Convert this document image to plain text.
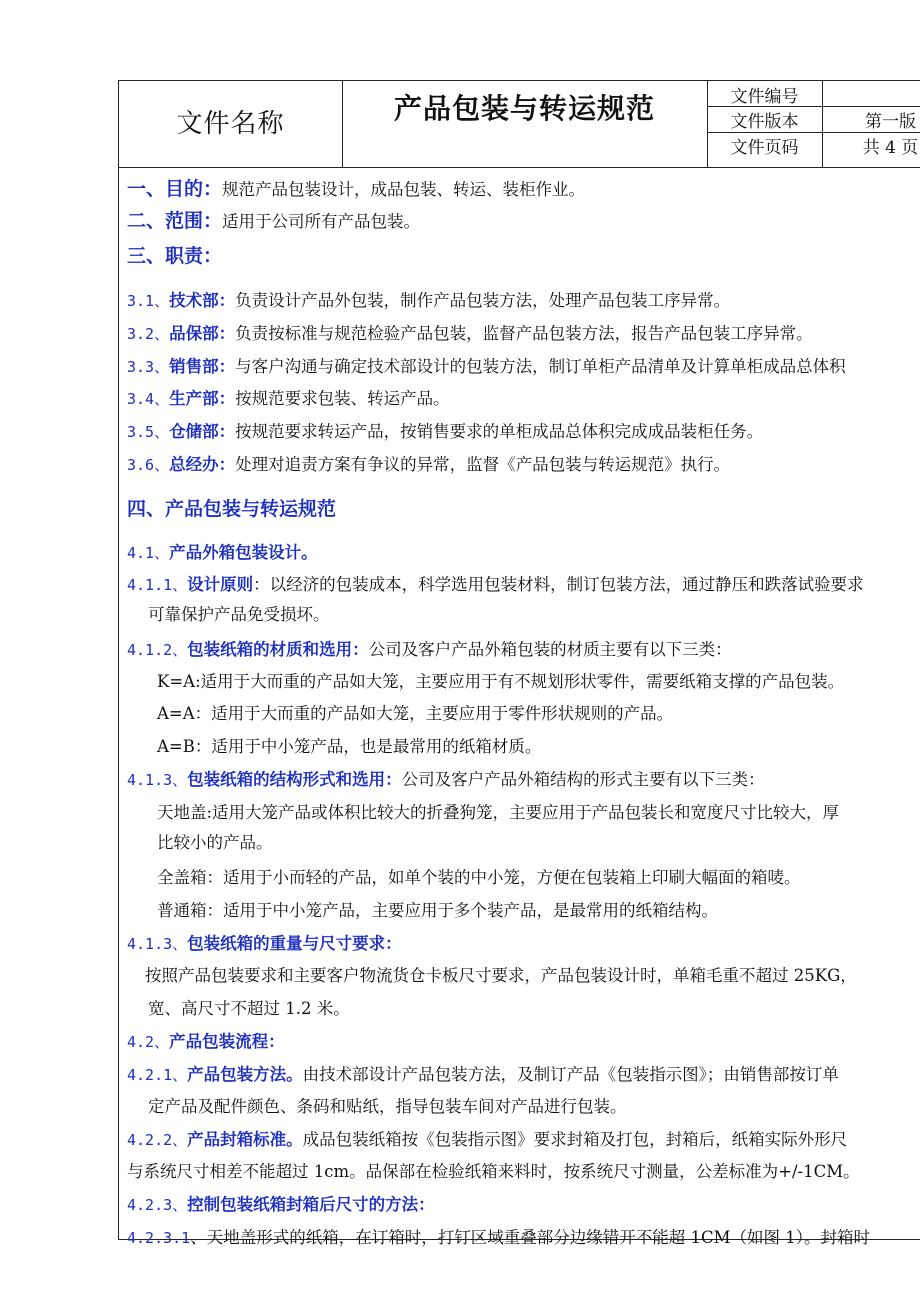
文件名称	产品包装与转运规范	文件编号
文件版本	第一版
文件页码	共 4 页
一、目的：规范产品包装设计，成品包装、转运、装柜作业。
二、范围：适用于公司所有产品包装。
三、职责：
3.1、技术部：负责设计产品外包装，制作产品包装方法，处理产品包装工序异常。
3.2、品保部：负责按标准与规范检验产品包装，监督产品包装方法，报告产品包装工序异常。
3.3、销售部：与客户沟通与确定技术部设计的包装方法，制订单柜产品清单及计算单柜成品总体积
3.4、生产部：按规范要求包装、转运产品。
3.5、仓储部：按规范要求转运产品，按销售要求的单柜成品总体积完成成品装柜任务。
3.6、总经办：处理对追责方案有争议的异常，监督《产品包装与转运规范》执行。
四、产品包装与转运规范
4.1、产品外箱包装设计。
4.1.1、设计原则：以经济的包装成本，科学选用包装材料，制订包装方法，通过静压和跌落试验要求
可靠保护产品免受损坏。
4.1.2、包装纸箱的材质和选用：公司及客户产品外箱包装的材质主要有以下三类：
K=A:适用于大而重的产品如大笼，主要应用于有不规划形状零件，需要纸箱支撑的产品包装。
A=A：适用于大而重的产品如大笼，主要应用于零件形状规则的产品。
A=B：适用于中小笼产品，也是最常用的纸箱材质。
4.1.3、包装纸箱的结构形式和选用：公司及客户产品外箱结构的形式主要有以下三类：
天地盖:适用大笼产品或体积比较大的折叠狗笼，主要应用于产品包装长和宽度尺寸比较大，厚
比较小的产品。
全盖箱：适用于小而轻的产品，如单个装的中小笼，方便在包装箱上印刷大幅面的箱唛。
普通箱：适用于中小笼产品，主要应用于多个装产品，是最常用的纸箱结构。
4.1.3、包装纸箱的重量与尺寸要求：
按照产品包装要求和主要客户物流货仓卡板尺寸要求，产品包装设计时，单箱毛重不超过 25KG，
宽、高尺寸不超过 1.2 米。
4.2、产品包装流程：
4.2.1、产品包装方法。由技术部设计产品包装方法，及制订产品《包装指示图》；由销售部按订单
定产品及配件颜色、条码和贴纸，指导包装车间对产品进行包装。
4.2.2、产品封箱标准。成品包装纸箱按《包装指示图》要求封箱及打包，封箱后，纸箱实际外形尺
与系统尺寸相差不能超过 1cm。品保部在检验纸箱来料时，按系统尺寸测量，公差标准为+/-1CM。
4.2.3、控制包装纸箱封箱后尺寸的方法：
4.2.3.1、天地盖形式的纸箱，在订箱时，打钉区域重叠部分边缘错开不能超 1CM（如图 1）。封箱时
